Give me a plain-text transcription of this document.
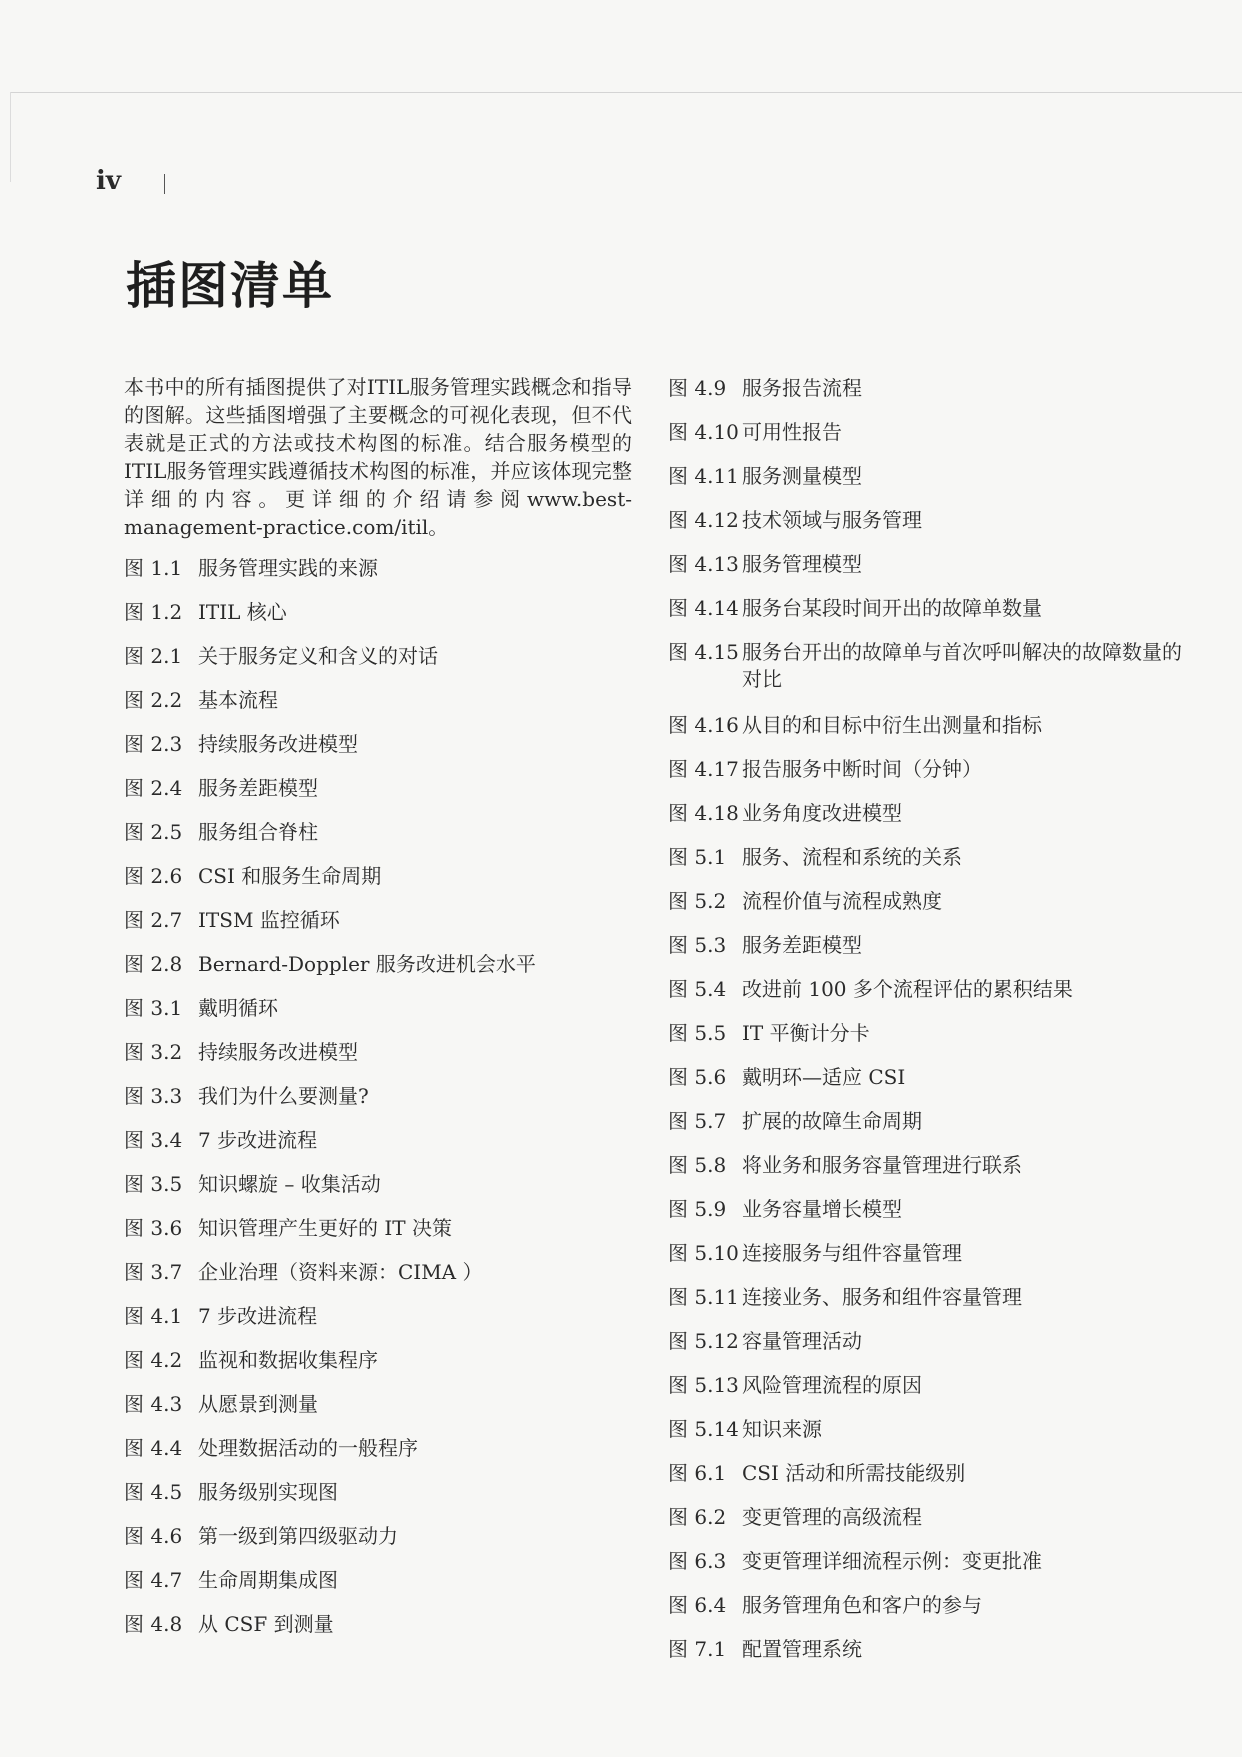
iv
插图清单

本书中的所有插图提供了对ITIL服务管理实践概念和指导的图解。这些插图增强了主要概念的可视化表现，但不代表就是正式的方法或技术构图的标准。结合服务模型的ITIL服务管理实践遵循技术构图的标准，并应该体现完整详细的内容。更详细的介绍请参阅www.best-management-practice.com/itil。

图 1.1 服务管理实践的来源
图 1.2 ITIL 核心
图 2.1 关于服务定义和含义的对话
图 2.2 基本流程
图 2.3 持续服务改进模型
图 2.4 服务差距模型
图 2.5 服务组合脊柱
图 2.6 CSI 和服务生命周期
图 2.7 ITSM 监控循环
图 2.8 Bernard-Doppler 服务改进机会水平
图 3.1 戴明循环
图 3.2 持续服务改进模型
图 3.3 我们为什么要测量?
图 3.4 7 步改进流程
图 3.5 知识螺旋 – 收集活动
图 3.6 知识管理产生更好的 IT 决策
图 3.7 企业治理（资料来源：CIMA ）
图 4.1 7 步改进流程
图 4.2 监视和数据收集程序
图 4.3 从愿景到测量
图 4.4 处理数据活动的一般程序
图 4.5 服务级别实现图
图 4.6 第一级到第四级驱动力
图 4.7 生命周期集成图
图 4.8 从 CSF 到测量
图 4.9 服务报告流程
图 4.10 可用性报告
图 4.11 服务测量模型
图 4.12 技术领域与服务管理
图 4.13 服务管理模型
图 4.14 服务台某段时间开出的故障单数量
图 4.15 服务台开出的故障单与首次呼叫解决的故障数量的对比
图 4.16 从目的和目标中衍生出测量和指标
图 4.17 报告服务中断时间（分钟）
图 4.18 业务角度改进模型
图 5.1 服务、流程和系统的关系
图 5.2 流程价值与流程成熟度
图 5.3 服务差距模型
图 5.4 改进前 100 多个流程评估的累积结果
图 5.5 IT 平衡计分卡
图 5.6 戴明环—适应 CSI
图 5.7 扩展的故障生命周期
图 5.8 将业务和服务容量管理进行联系
图 5.9 业务容量增长模型
图 5.10 连接服务与组件容量管理
图 5.11 连接业务、服务和组件容量管理
图 5.12 容量管理活动
图 5.13 风险管理流程的原因
图 5.14 知识来源
图 6.1 CSI 活动和所需技能级别
图 6.2 变更管理的高级流程
图 6.3 变更管理详细流程示例：变更批准
图 6.4 服务管理角色和客户的参与
图 7.1 配置管理系统
